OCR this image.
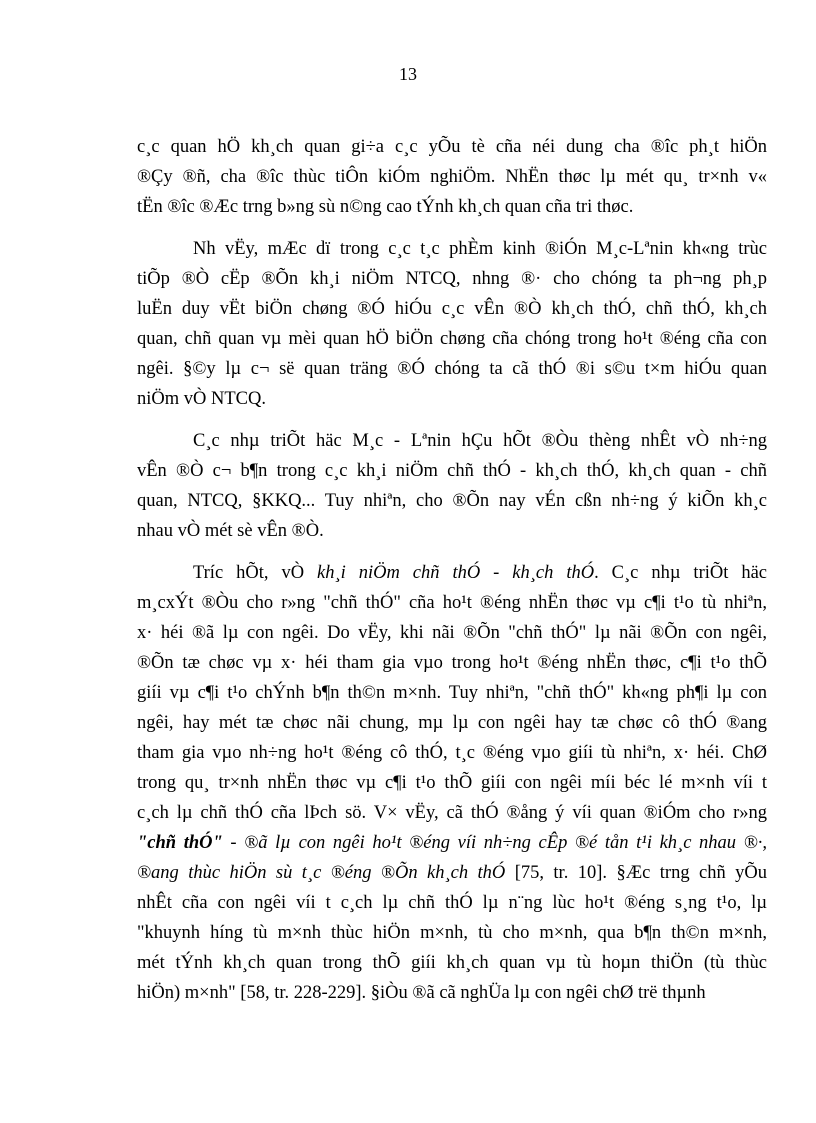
13

c¸c quan hÖ kh¸ch quan gi÷a c¸c yÕu tè cña néi dung cha ®îc ph¸t hiÖn
®Çy ®ñ, cha ®îc thùc tiÔn kiÓm nghiÖm. NhËn thøc lµ mét qu¸ tr×nh v«
tËn ®îc ®Æc trng b»ng sù n©ng cao tÝnh kh¸ch quan cña tri thøc.

Nh vËy, mÆc dï trong c¸c t¸c phÈm kinh ®iÓn M¸c-Lªnin kh«ng trùc
tiÕp ®Ò cËp ®Õn kh¸i niÖm NTCQ, nhng ®· cho chóng ta ph¬ng ph¸p
luËn duy vËt biÖn chøng ®Ó hiÓu c¸c vÊn ®Ò kh¸ch thÓ, chñ thÓ, kh¸ch
quan, chñ quan vµ mèi quan hÖ biÖn chøng cña chóng trong ho¹t ®éng cña con
ngêi. §©y lµ c¬ së quan träng ®Ó chóng ta cã thÓ ®i s©u t×m hiÓu quan
niÖm vÒ NTCQ.

C¸c nhµ triÕt häc M¸c - Lªnin hÇu hÕt ®Òu thèng nhÊt vÒ nh÷ng
vÊn ®Ò c¬ b¶n trong c¸c kh¸i niÖm chñ thÓ - kh¸ch thÓ, kh¸ch quan - chñ
quan, NTCQ, §KKQ... Tuy nhiªn, cho ®Õn nay vÉn cßn nh÷ng ý kiÕn kh¸c
nhau vÒ mét sè vÊn ®Ò.

Tríc hÕt, vÒ kh¸i niÖm chñ thÓ - kh¸ch thÓ. C¸c nhµ triÕt häc
m¸cxÝt ®Òu cho r»ng "chñ thÓ" cña ho¹t ®éng nhËn thøc vµ c¶i t¹o tù nhiªn,
x· héi ®ã lµ con ngêi. Do vËy, khi nãi ®Õn "chñ thÓ" lµ nãi ®Õn con ngêi,
®Õn tæ chøc vµ x· héi tham gia vµo trong ho¹t ®éng nhËn thøc, c¶i t¹o thÕ
giíi vµ c¶i t¹o chÝnh b¶n th©n m×nh. Tuy nhiªn, "chñ thÓ" kh«ng ph¶i lµ con
ngêi, hay mét tæ chøc nãi chung, mµ lµ con ngêi hay tæ chøc cô thÓ ®ang
tham gia vµo nh÷ng ho¹t ®éng cô thÓ, t¸c ®éng vµo giíi tù nhiªn, x· héi. ChØ
trong qu¸ tr×nh nhËn thøc vµ c¶i t¹o thÕ giíi con ngêi míi béc lé m×nh víi t
c¸ch lµ chñ thÓ cña lÞch sö. V× vËy, cã thÓ ®ång ý víi quan ®iÓm cho r»ng
"chñ thÓ" - ®ã lµ con ngêi ho¹t ®éng víi nh÷ng cÊp ®é tån t¹i kh¸c nhau ®·,
®ang thùc hiÖn sù t¸c ®éng ®Õn kh¸ch thÓ [75, tr. 10]. §Æc trng chñ yÕu
nhÊt cña con ngêi víi t c¸ch lµ chñ thÓ lµ n¨ng lùc ho¹t ®éng s¸ng t¹o, lµ
"khuynh híng tù m×nh thùc hiÖn m×nh, tù cho m×nh, qua b¶n th©n m×nh,
mét tÝnh kh¸ch quan trong thÕ giíi kh¸ch quan vµ tù hoµn thiÖn (tù thùc
hiÖn) m×nh" [58, tr. 228-229]. §iÒu ®ã cã nghÜa lµ con ngêi chØ trë thµnh
